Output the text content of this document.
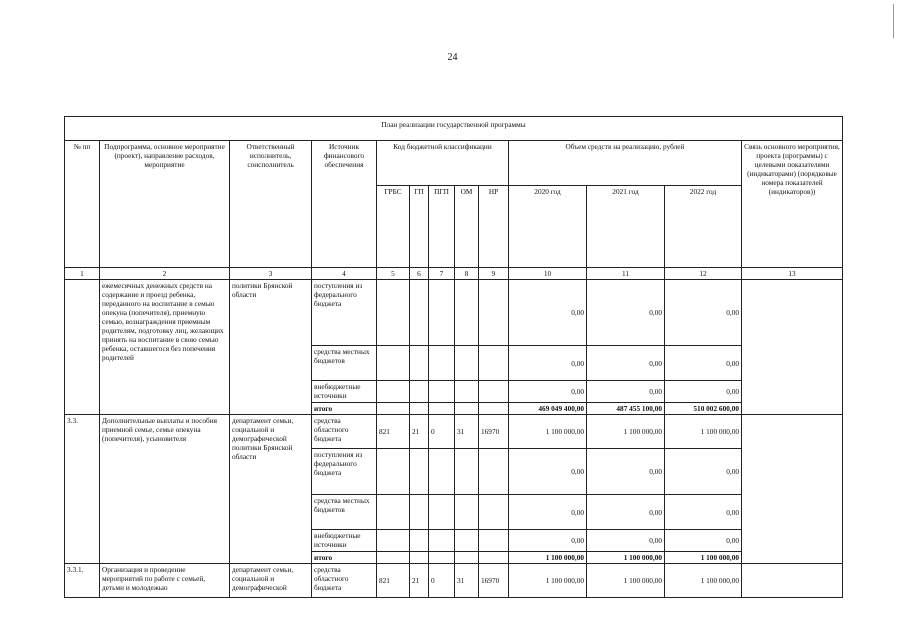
24
План реализации государственной программы												
№ пп	Подпрограмма, основное мероприятие (проект), направление расходов, мероприятие	Ответственный исполнитель, соисполнитель	Источник финансового обеспечения	Код бюджетной классификации					Объем средств на реализацию, рублей			Связь основного мероприятия, проекта (программы) с целевыми показателями (индикаторами) (порядковые номера показателей (индикаторов))
				ГРБС	ГП	ПГП	ОМ	НР	2020 год	2021 год	2022 год	
1	2	3	4	5	6	7	8	9	10	11	12	13
	ежемесячных денежных средств на содержание и проезд ребенка, переданного на воспитание в семью опекуна (попечителя), приемную семью, вознаграждения приемным родителям, подготовку лиц, желающих принять на воспитание в свою семью ребенка, оставшегося без попечения родителей	политики Брянской области	поступления из федерального бюджета						0,00	0,00	0,00	
			средства местных бюджетов						0,00	0,00	0,00	
			внебюджетные источники						0,00	0,00	0,00	
			итого						469 049 400,00	487 455 100,00	510 002 600,00	
3.3.	Дополнительные выплаты и пособия приемной семье, семье опекуна (попечителя), усыновителя	департамент семьи, социальной и демографической политики Брянской области	средства областного бюджета	821	21	0	31	16970	1 100 000,00	1 100 000,00	1 100 000,00	
			поступления из федерального бюджета						0,00	0,00	0,00	
			средства местных бюджетов						0,00	0,00	0,00	
			внебюджетные источники						0,00	0,00	0,00	
			итого						1 100 000,00	1 100 000,00	1 100 000,00	
3.3.1.	Организация и проведение мероприятий по работе с семьей, детьми и молодежью	департамент семьи, социальной и демографической	средства областного бюджета	821	21	0	31	16970	1 100 000,00	1 100 000,00	1 100 000,00	
